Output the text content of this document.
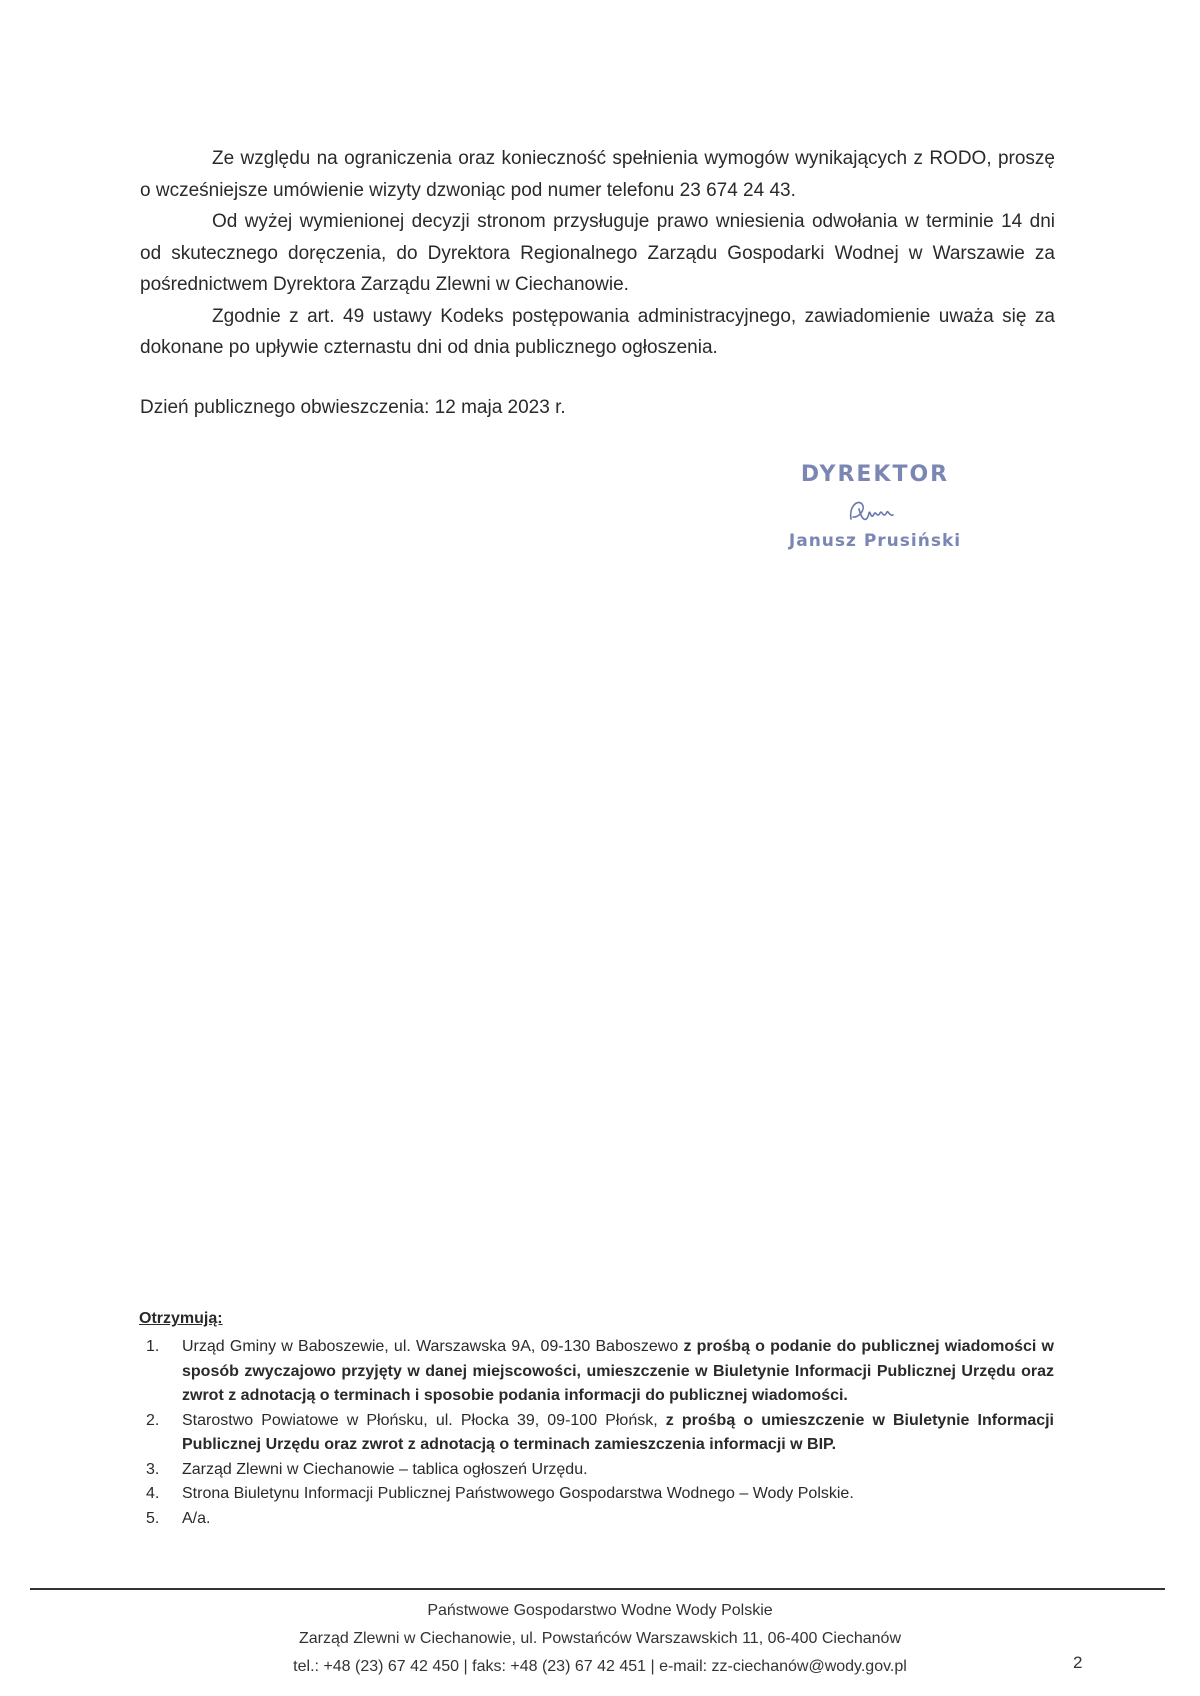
Ze względu na ograniczenia oraz konieczność spełnienia wymogów wynikających z RODO, proszę o wcześniejsze umówienie wizyty dzwoniąc pod numer telefonu 23 674 24 43.

Od wyżej wymienionej decyzji stronom przysługuje prawo wniesienia odwołania w terminie 14 dni od skutecznego doręczenia, do Dyrektora Regionalnego Zarządu Gospodarki Wodnej w Warszawie za pośrednictwem Dyrektora Zarządu Zlewni w Ciechanowie.

Zgodnie z art. 49 ustawy Kodeks postępowania administracyjnego, zawiadomienie uważa się za dokonane po upływie czternastu dni od dnia publicznego ogłoszenia.

Dzień publicznego obwieszczenia: 12 maja 2023 r.

DYREKTOR
Janusz Prusiński
Otrzymują:
1. Urząd Gminy w Baboszewie, ul. Warszawska 9A, 09-130 Baboszewo z prośbą o podanie do publicznej wiadomości w sposób zwyczajowo przyjęty w danej miejscowości, umieszczenie w Biuletynie Informacji Publicznej Urzędu oraz zwrot z adnotacją o terminach i sposobie podania informacji do publicznej wiadomości.
2. Starostwo Powiatowe w Płońsku, ul. Płocka 39, 09-100 Płońsk, z prośbą o umieszczenie w Biuletynie Informacji Publicznej Urzędu oraz zwrot z adnotacją o terminach zamieszczenia informacji w BIP.
3. Zarząd Zlewni w Ciechanowie – tablica ogłoszeń Urzędu.
4. Strona Biuletynu Informacji Publicznej Państwowego Gospodarstwa Wodnego – Wody Polskie.
5. A/a.
Państwowe Gospodarstwo Wodne Wody Polskie
Zarząd Zlewni w Ciechanowie, ul. Powstańców Warszawskich 11, 06-400 Ciechanów
tel.: +48 (23) 67 42 450 | faks: +48 (23) 67 42 451 | e-mail: zz-ciechanów@wody.gov.pl	2
